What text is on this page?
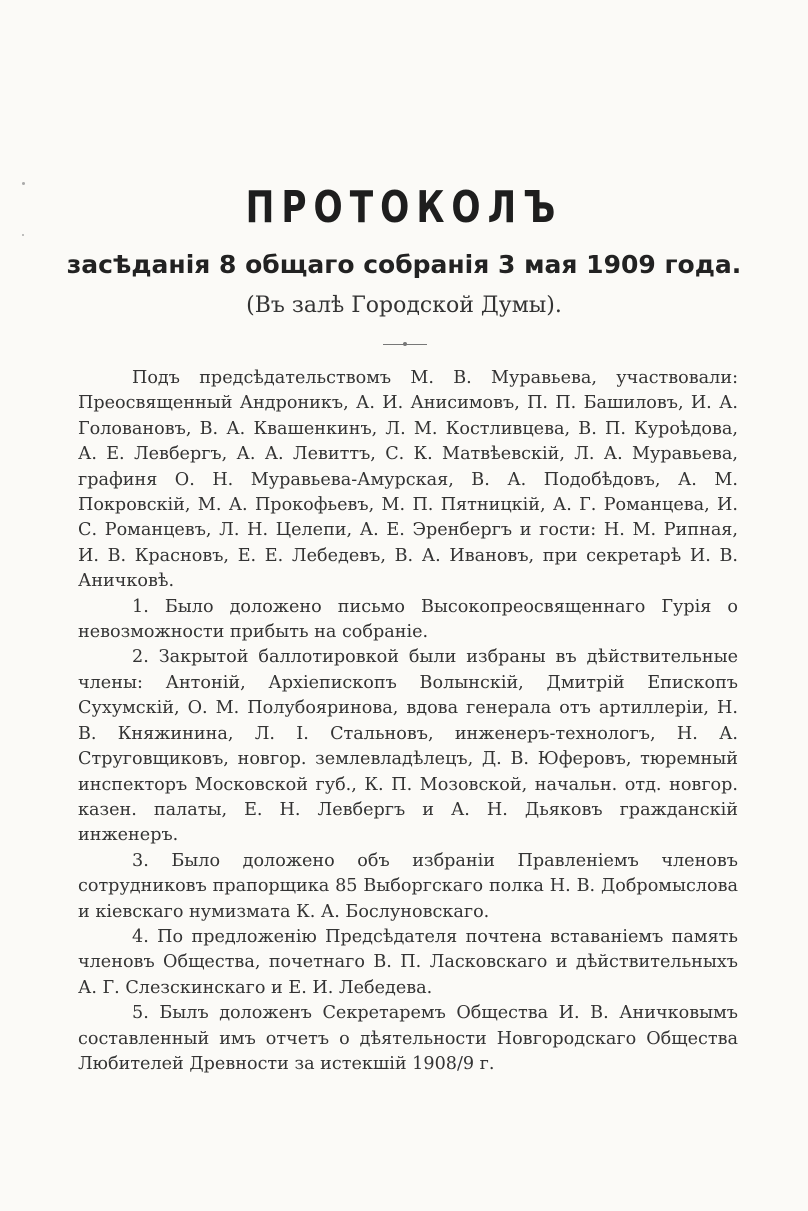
ПРОТОКОЛЪ
засѣданія 8 общаго собранія 3 мая 1909 года.
(Въ залѣ Городской Думы).

Подъ предсѣдательствомъ М. В. Муравьева, участвовали: Преосвященный Андроникъ, А. И. Анисимовъ, П. П. Башиловъ, И. А. Головановъ, В. А. Квашенкинъ, Л. М. Костливцева, В. П. Куроѣдова, А. Е. Левбергъ, А. А. Левиттъ, С. К. Матвѣевскій, Л. А. Муравьева, графиня О. Н. Муравьева-Амурская, В. А. Подобѣдовъ, А. М. Покровскій, М. А. Прокофьевъ, М. П. Пятницкій, А. Г. Романцева, И. С. Романцевъ, Л. Н. Целепи, А. Е. Эренбергъ и гости: Н. М. Рипная, И. В. Красновъ, Е. Е. Лебедевъ, В. А. Ивановъ, при секретарѣ И. В. Аничковѣ.

1. Было доложено письмо Высокопреосвященнаго Гурія о невозможности прибыть на собраніе.

2. Закрытой баллотировкой были избраны въ дѣйствительные члены: Антоній, Архіепископъ Волынскій, Дмитрій Епископъ Сухумскій, О. М. Полубояринова, вдова генерала отъ артиллеріи, Н. В. Княжинина, Л. І. Стальновъ, инженеръ-технологъ, Н. А. Струговщиковъ, новгор. землевладѣлецъ, Д. В. Юферовъ, тюремный инспекторъ Московской губ., К. П. Мозовской, начальн. отд. новгор. казен. палаты, Е. Н. Левбергъ и А. Н. Дьяковъ гражданскій инженеръ.

3. Было доложено объ избраніи Правленіемъ членовъ сотрудниковъ прапорщика 85 Выборгскаго полка Н. В. Добромыслова и кіевскаго нумизмата К. А. Бослуновскаго.

4. По предложенію Предсѣдателя почтена вставаніемъ память членовъ Общества, почетнаго В. П. Ласковскаго и дѣйствительныхъ А. Г. Слезскинскаго и Е. И. Лебедева.

5. Былъ доложенъ Секретаремъ Общества И. В. Аничковымъ составленный имъ отчетъ о дѣятельности Новгородскаго Общества Любителей Древности за истекшій 1908/9 г.
